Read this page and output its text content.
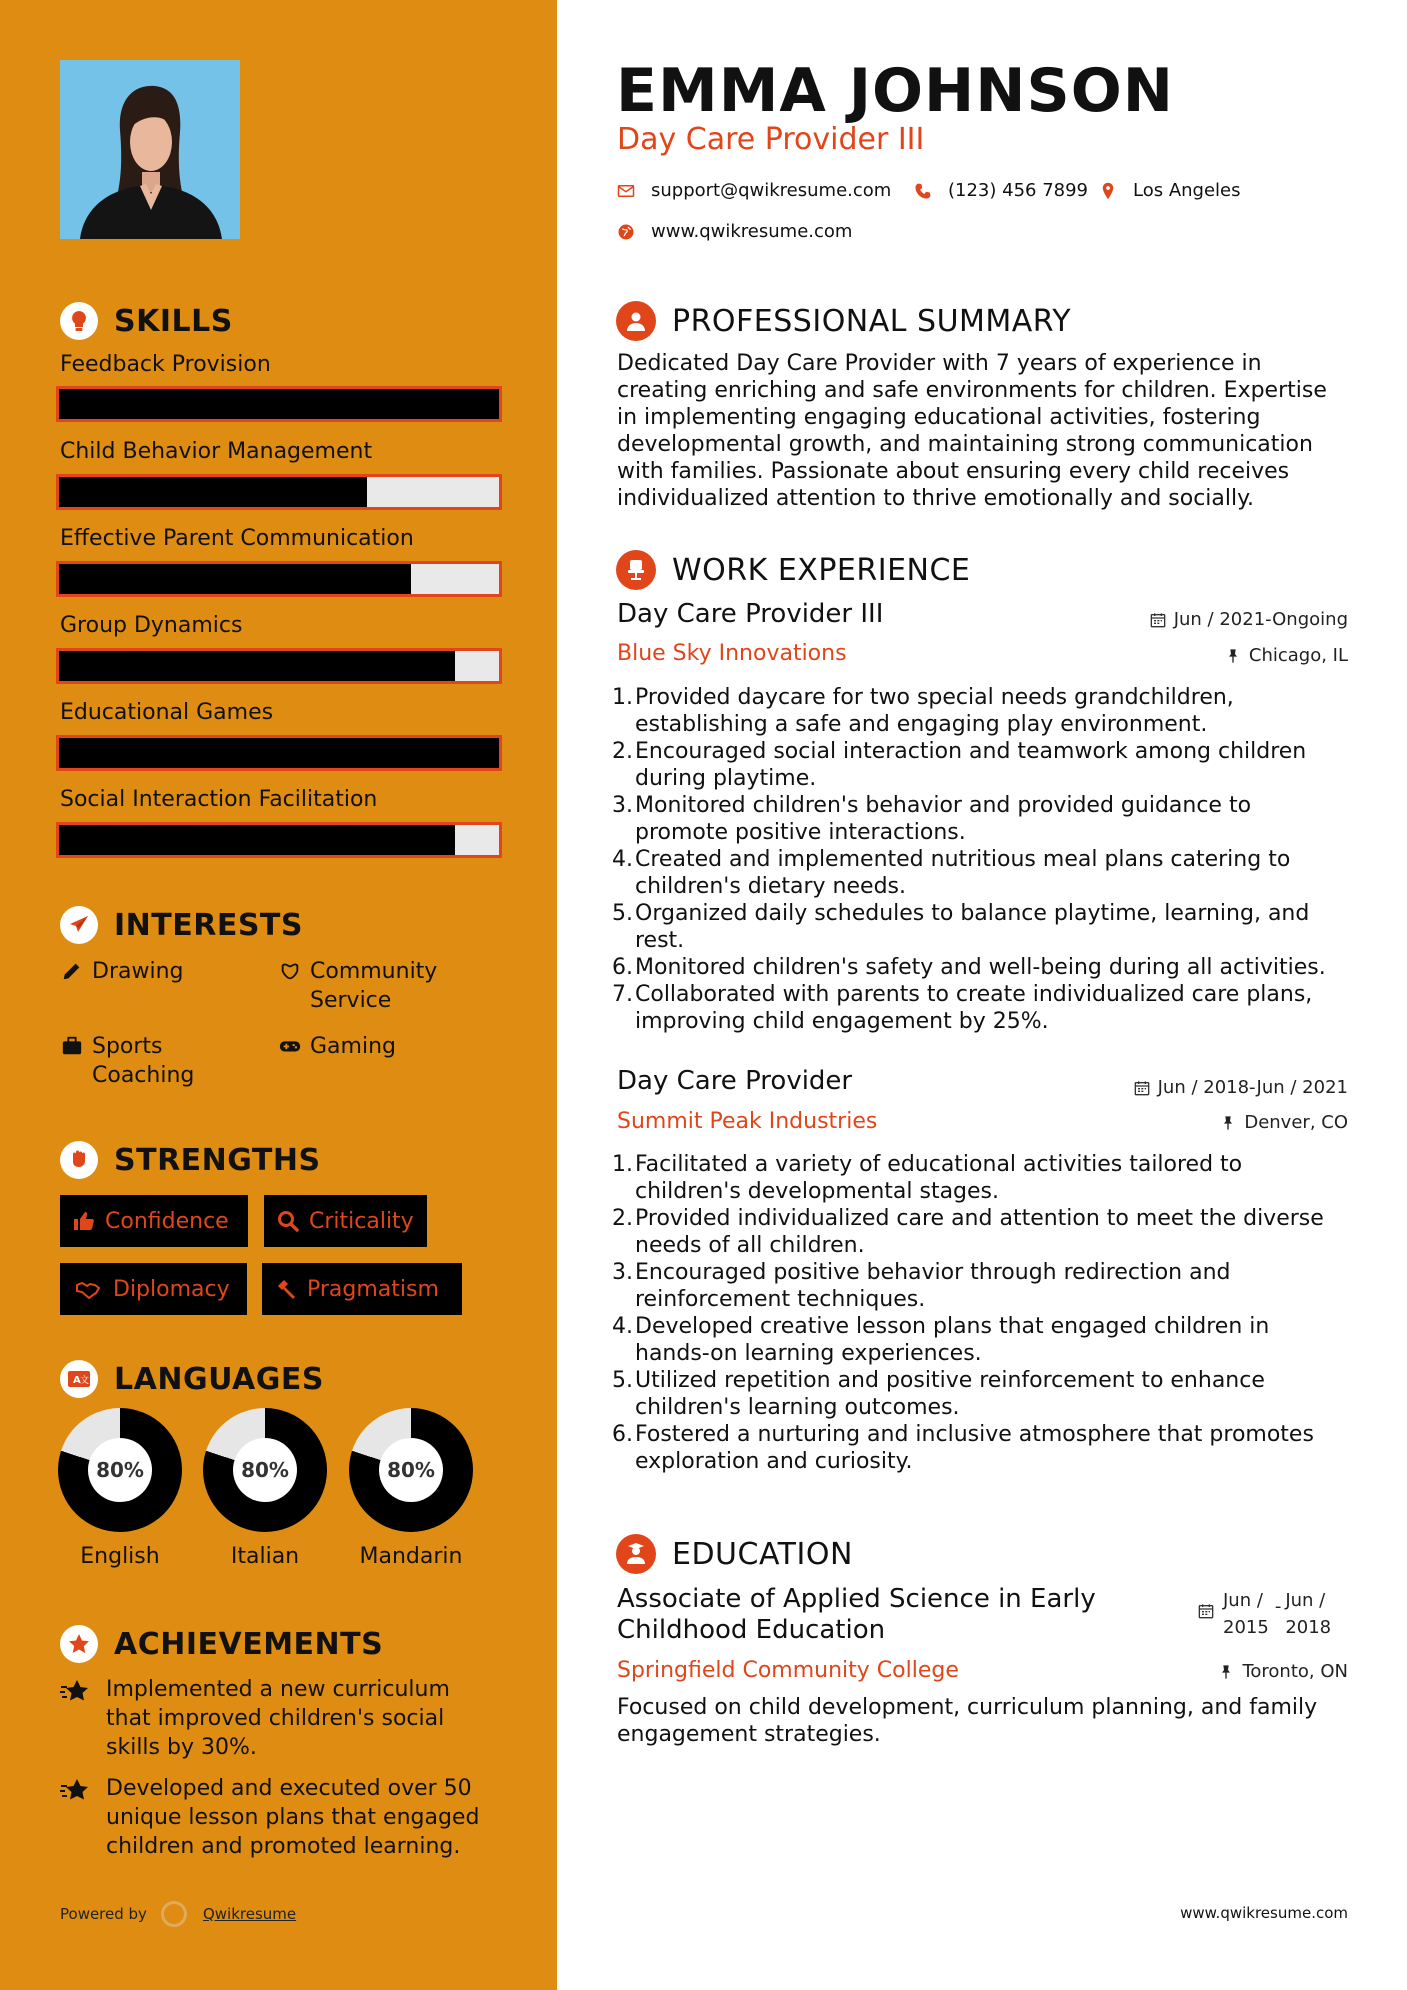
SKILLS
Feedback Provision
Child Behavior Management
Effective Parent Communication
Group Dynamics
Educational Games
Social Interaction Facilitation
INTERESTS
Drawing	Community Service
Sports Coaching
Gaming
STRENGTHS
Confidence	Criticality
Diplomacy	Pragmatism
A 文 LANGUAGES
80%
English
80%
Italian
80%
Mandarin
ACHIEVEMENTS
Implemented a new curriculum that improved children's social skills by 30%.
Developed and executed over 50 unique lesson plans that engaged children and promoted learning.
Powered by	Qwikresume
EMMA JOHNSON
Day Care Provider III
support@qwikresume.com	(123) 456 7899 Los Angeles
www.qwikresume.com
PROFESSIONAL SUMMARY
Dedicated Day Care Provider with 7 years of experience in creating enriching and safe environments for children. Expertise in implementing engaging educational activities, fostering developmental growth, and maintaining strong communication with families. Passionate about ensuring every child receives individualized attention to thrive emotionally and socially.
WORK EXPERIENCE
Day Care Provider III	Jun / 2021-Ongoing
Blue Sky Innovations	Chicago, IL
1. Provided daycare for two special needs grandchildren, establishing a safe and engaging play environment.
2. Encouraged social interaction and teamwork among children during playtime.
3. Monitored children's behavior and provided guidance to promote positive interactions.
4. Created and implemented nutritious meal plans catering to children's dietary needs.
5. Organized daily schedules to balance playtime, learning, and rest.
6. Monitored children's safety and well-being during all activities.
7. Collaborated with parents to create individualized care plans, improving child engagement by 25%.
Day Care Provider	Jun / 2018-Jun / 2021
Summit Peak Industries	Denver, CO
1. Facilitated a variety of educational activities tailored to children's developmental stages.
2. Provided individualized care and attention to meet the diverse needs of all children.
3. Encouraged positive behavior through redirection and reinforcement techniques.
4. Developed creative lesson plans that engaged children in hands-on learning experiences.
5. Utilized repetition and positive reinforcement to enhance children's learning outcomes.
6. Fostered a nurturing and inclusive atmosphere that promotes exploration and curiosity.
EDUCATION
Associate of Applied Science in Early Childhood Education
Jun /
2015
- Jun /
2018
Springfield Community College	Toronto, ON
Focused on child development, curriculum planning, and family engagement strategies.
www.qwikresume.com
